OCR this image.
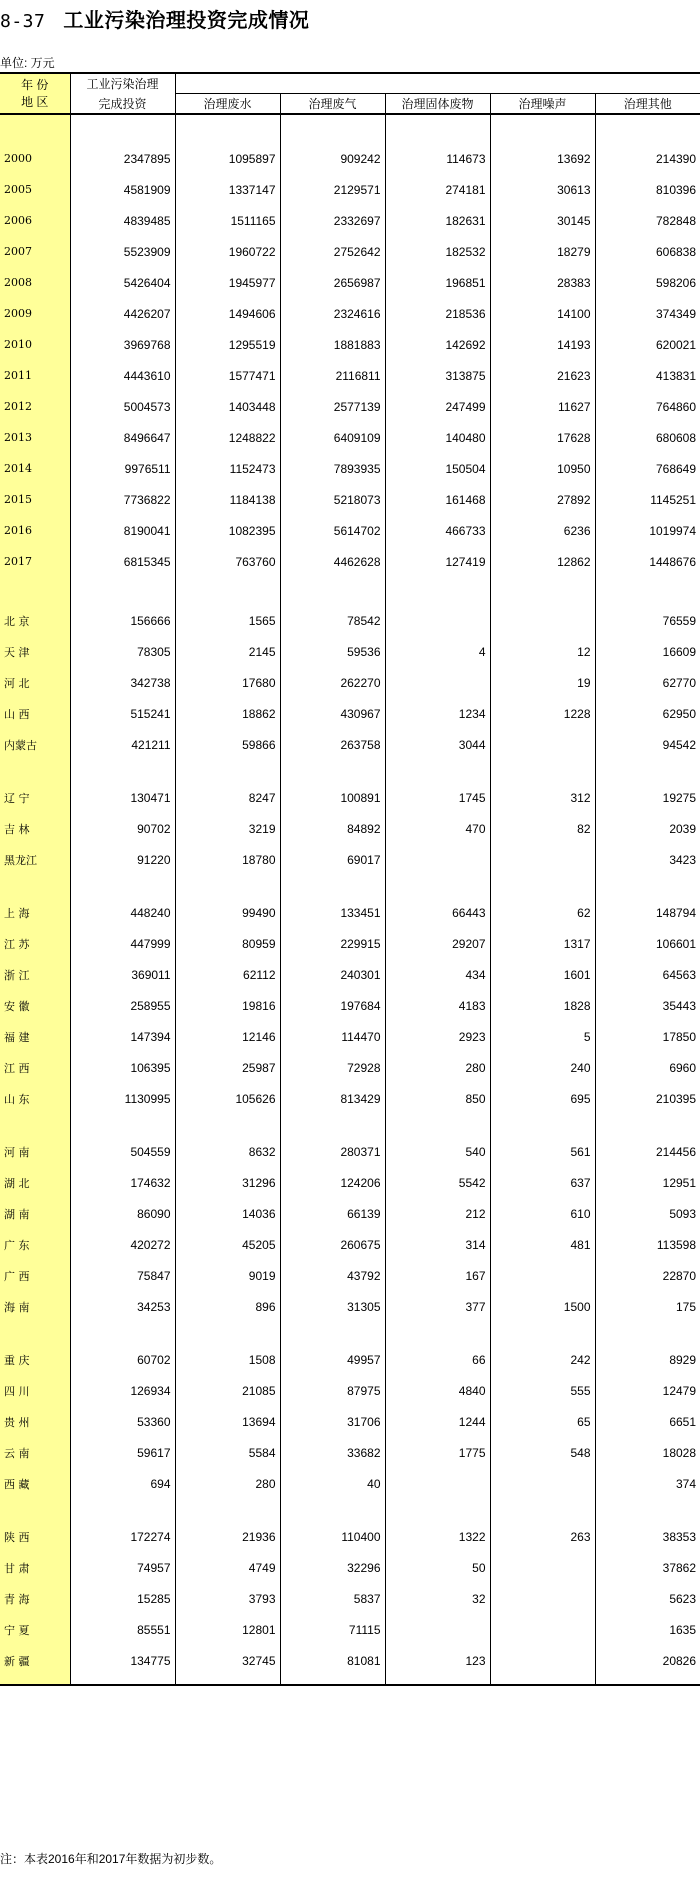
8-37 工业污染治理投资完成情况
单位: 万元
年 份
地 区	工业污染治理					
	完成投资	治理废水	治理废气	治理固体废物	治理噪声	治理其他

2000	2347895	1095897	909242	114673	13692	214390
2005	4581909	1337147	2129571	274181	30613	810396
2006	4839485	1511165	2332697	182631	30145	782848
2007	5523909	1960722	2752642	182532	18279	606838
2008	5426404	1945977	2656987	196851	28383	598206
2009	4426207	1494606	2324616	218536	14100	374349
2010	3969768	1295519	1881883	142692	14193	620021
2011	4443610	1577471	2116811	313875	21623	413831
2012	5004573	1403448	2577139	247499	11627	764860
2013	8496647	1248822	6409109	140480	17628	680608
2014	9976511	1152473	7893935	150504	10950	768649
2015	7736822	1184138	5218073	161468	27892	1145251
2016	8190041	1082395	5614702	466733	6236	1019974
2017	6815345	763760	4462628	127419	12862	1448676

北 京	156666	1565	78542			76559
天 津	78305	2145	59536	4	12	16609
河 北	342738	17680	262270		19	62770
山 西	515241	18862	430967	1234	1228	62950
内蒙古	421211	59866	263758	3044		94542

辽 宁	130471	8247	100891	1745	312	19275
吉 林	90702	3219	84892	470	82	2039
黑龙江	91220	18780	69017			3423

上 海	448240	99490	133451	66443	62	148794
江 苏	447999	80959	229915	29207	1317	106601
浙 江	369011	62112	240301	434	1601	64563
安 徽	258955	19816	197684	4183	1828	35443
福 建	147394	12146	114470	2923	5	17850
江 西	106395	25987	72928	280	240	6960
山 东	1130995	105626	813429	850	695	210395

河 南	504559	8632	280371	540	561	214456
湖 北	174632	31296	124206	5542	637	12951
湖 南	86090	14036	66139	212	610	5093
广 东	420272	45205	260675	314	481	113598
广 西	75847	9019	43792	167		22870
海 南	34253	896	31305	377	1500	175

重 庆	60702	1508	49957	66	242	8929
四 川	126934	21085	87975	4840	555	12479
贵 州	53360	13694	31706	1244	65	6651
云 南	59617	5584	33682	1775	548	18028
西 藏	694	280	40			374

陕 西	172274	21936	110400	1322	263	38353
甘 肃	74957	4749	32296	50		37862
青 海	15285	3793	5837	32		5623
宁 夏	85551	12801	71115			1635
新 疆	134775	32745	81081	123		20826

注：本表2016年和2017年数据为初步数。
